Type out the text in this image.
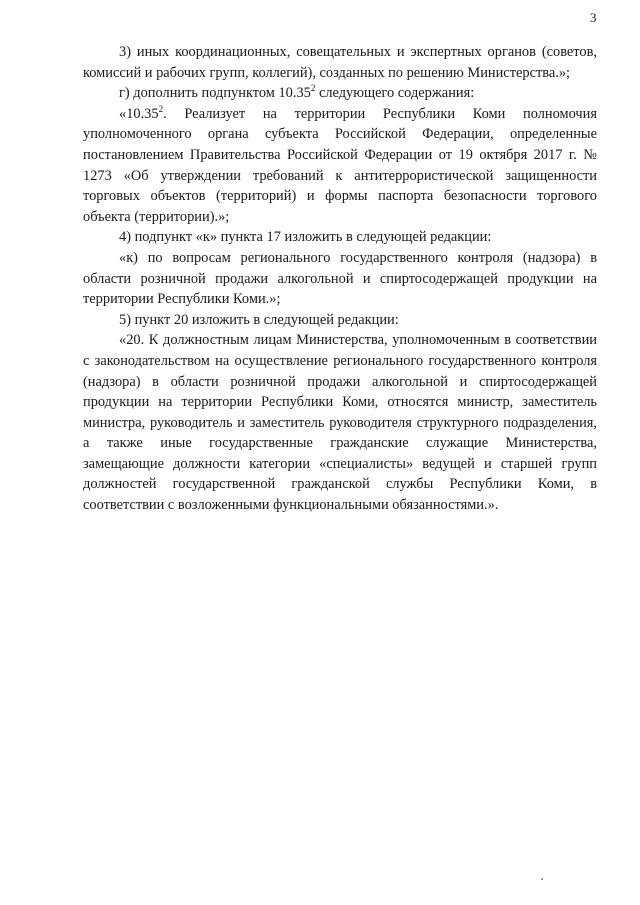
3

3) иных координационных, совещательных и экспертных органов (советов, комиссий и рабочих групп, коллегий), созданных по решению Министерства.»;

г) дополнить подпунктом 10.35$^2$ следующего содержания:

«10.35$^2$. Реализует на территории Республики Коми полномочия уполномоченного органа субъекта Российской Федерации, определенные постановлением Правительства Российской Федерации от 19 октября 2017 г. № 1273 «Об утверждении требований к антитеррористической защищенности торговых объектов (территорий) и формы паспорта безопасности торгового объекта (территории).»;

4) подпункт «к» пункта 17 изложить в следующей редакции:

«к) по вопросам регионального государственного контроля (надзора) в области розничной продажи алкогольной и спиртосодержащей продукции на территории Республики Коми.»;

5) пункт 20 изложить в следующей редакции:

«20. К должностным лицам Министерства, уполномоченным в соответствии с законодательством на осуществление регионального государственного контроля (надзора) в области розничной продажи алкогольной и спиртосодержащей продукции на территории Республики Коми, относятся министр, заместитель министра, руководитель и заместитель руководителя структурного подразделения, а также иные государственные гражданские служащие Министерства, замещающие должности категории «специалисты» ведущей и старшей групп должностей государственной гражданской службы Республики Коми, в соответствии с возложенными функциональными обязанностями.».
